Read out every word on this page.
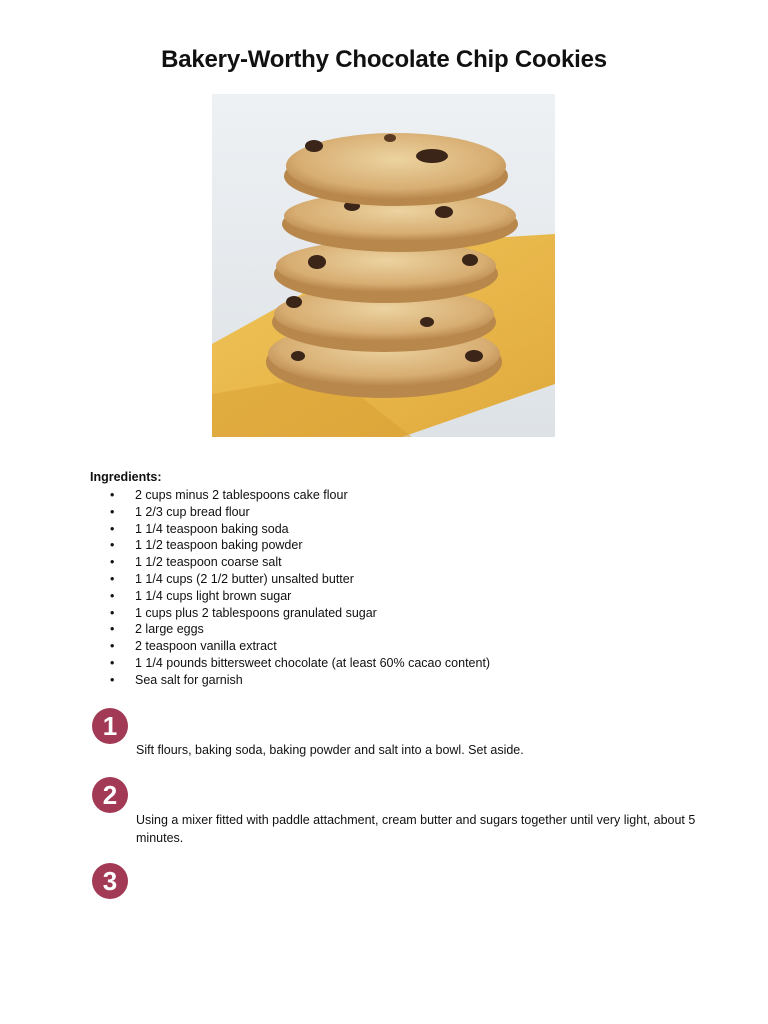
Bakery-Worthy Chocolate Chip Cookies
Ingredients:
• 2 cups minus 2 tablespoons cake flour
• 1 2/3 cup bread flour
• 1 1/4 teaspoon baking soda
• 1 1/2 teaspoon baking powder
• 1 1/2 teaspoon coarse salt
• 1 1/4 cups (2 1/2 butter) unsalted butter
• 1 1/4 cups light brown sugar
• 1 cups plus 2 tablespoons granulated sugar
• 2 large eggs
• 2 teaspoon vanilla extract
• 1 1/4 pounds bittersweet chocolate (at least 60% cacao content)
• Sea salt for garnish
1
Sift flours, baking soda, baking powder and salt into a bowl. Set aside.
2
Using a mixer fitted with paddle attachment, cream butter and sugars together until very light, about 5 minutes.
3
